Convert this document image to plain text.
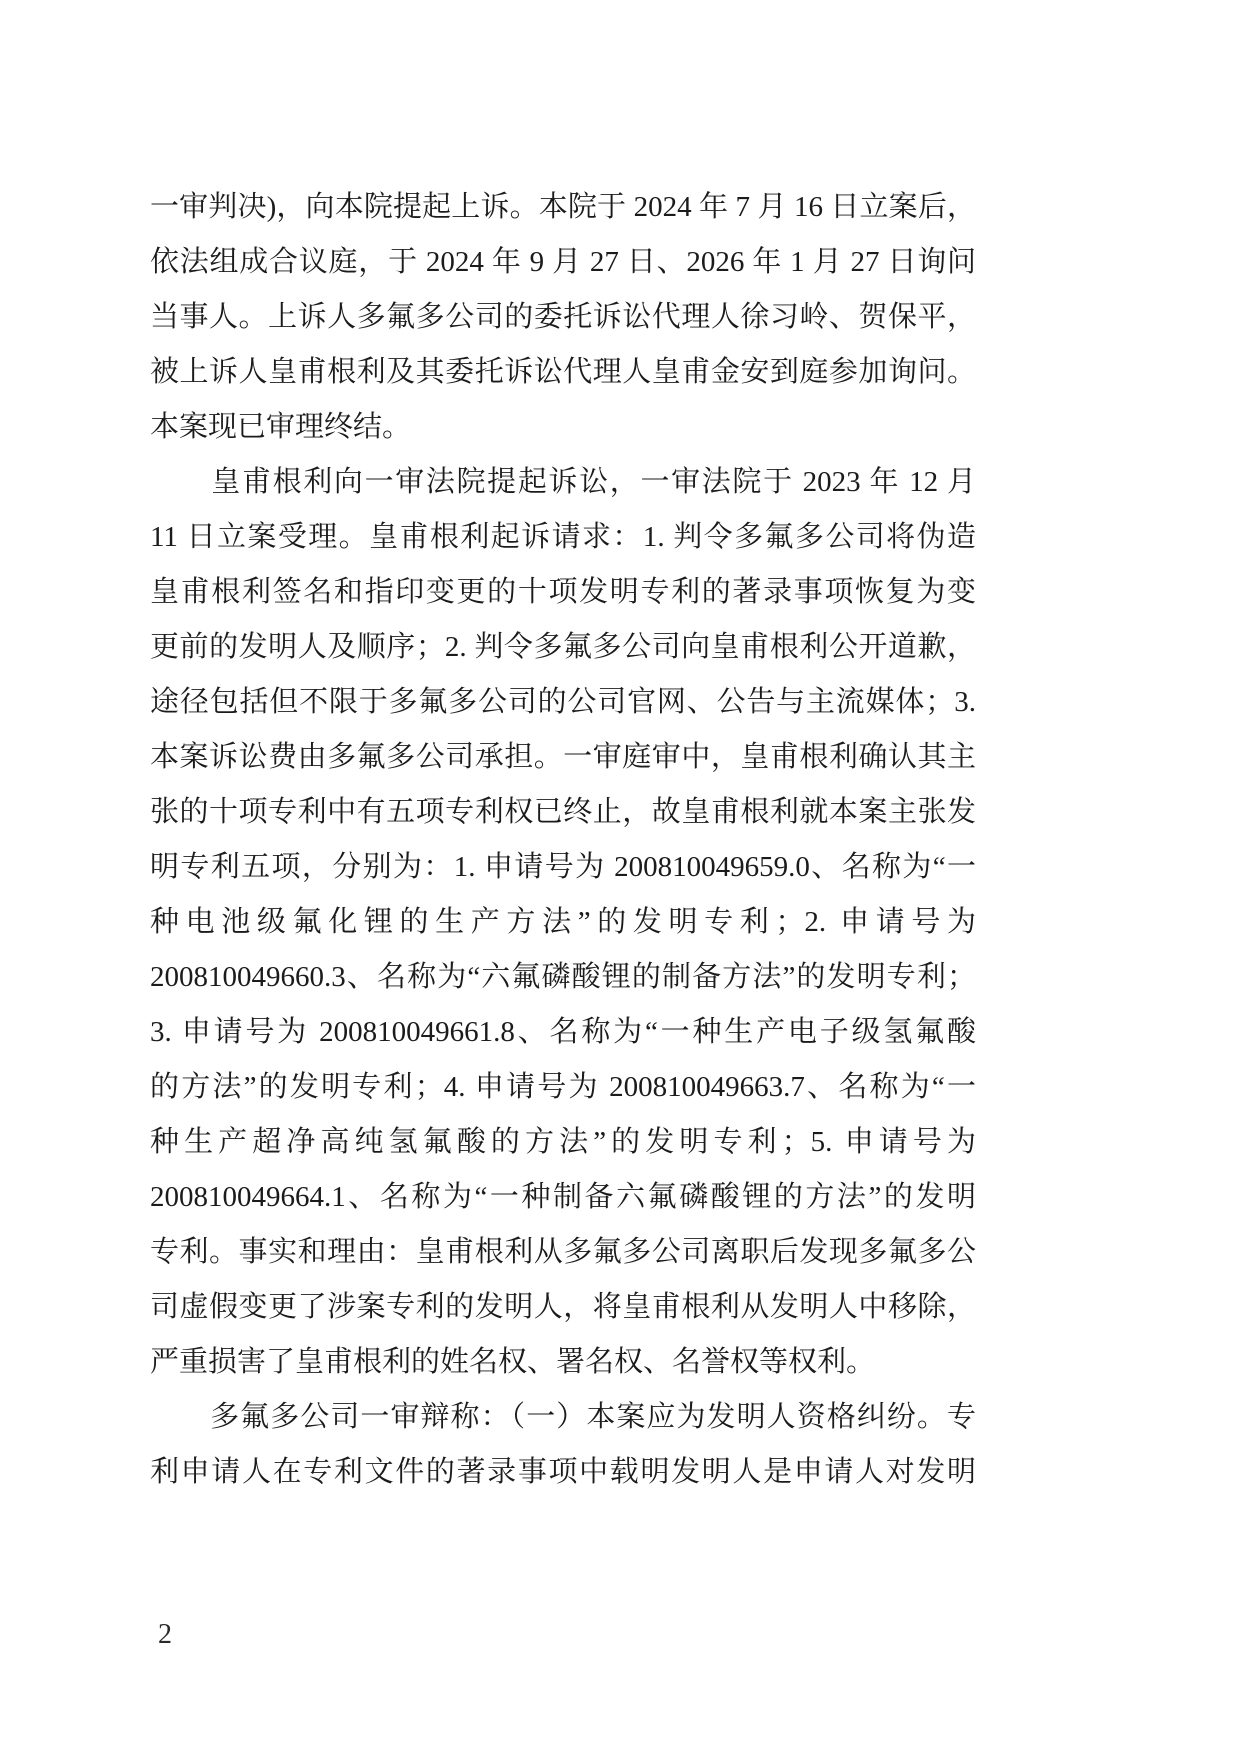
一审判决)，向本院提起上诉。本院于 2024 年 7 月 16 日立案后，
依法组成合议庭，于 2024 年 9 月 27 日、2026 年 1 月 27 日询问
当事人。上诉人多氟多公司的委托诉讼代理人徐习岭、贺保平，
被上诉人皇甫根利及其委托诉讼代理人皇甫金安到庭参加询问。
本案现已审理终结。
　　皇甫根利向一审法院提起诉讼，一审法院于 2023 年 12 月
11 日立案受理。皇甫根利起诉请求：1. 判令多氟多公司将伪造
皇甫根利签名和指印变更的十项发明专利的著录事项恢复为变
更前的发明人及顺序；2. 判令多氟多公司向皇甫根利公开道歉，
途径包括但不限于多氟多公司的公司官网、公告与主流媒体；3.
本案诉讼费由多氟多公司承担。一审庭审中，皇甫根利确认其主
张的十项专利中有五项专利权已终止，故皇甫根利就本案主张发
明专利五项，分别为：1. 申请号为 200810049659.0、名称为“一
种电池级氟化锂的生产方法”的发明专利；2. 申请号为
200810049660.3、名称为“六氟磷酸锂的制备方法”的发明专利；
3. 申请号为 200810049661.8、名称为“一种生产电子级氢氟酸
的方法”的发明专利；4. 申请号为 200810049663.7、名称为“一
种生产超净高纯氢氟酸的方法”的发明专利；5. 申请号为
200810049664.1、名称为“一种制备六氟磷酸锂的方法”的发明
专利。事实和理由：皇甫根利从多氟多公司离职后发现多氟多公
司虚假变更了涉案专利的发明人，将皇甫根利从发明人中移除，
严重损害了皇甫根利的姓名权、署名权、名誉权等权利。
　　多氟多公司一审辩称：（一）本案应为发明人资格纠纷。专
利申请人在专利文件的著录事项中载明发明人是申请人对发明
2
